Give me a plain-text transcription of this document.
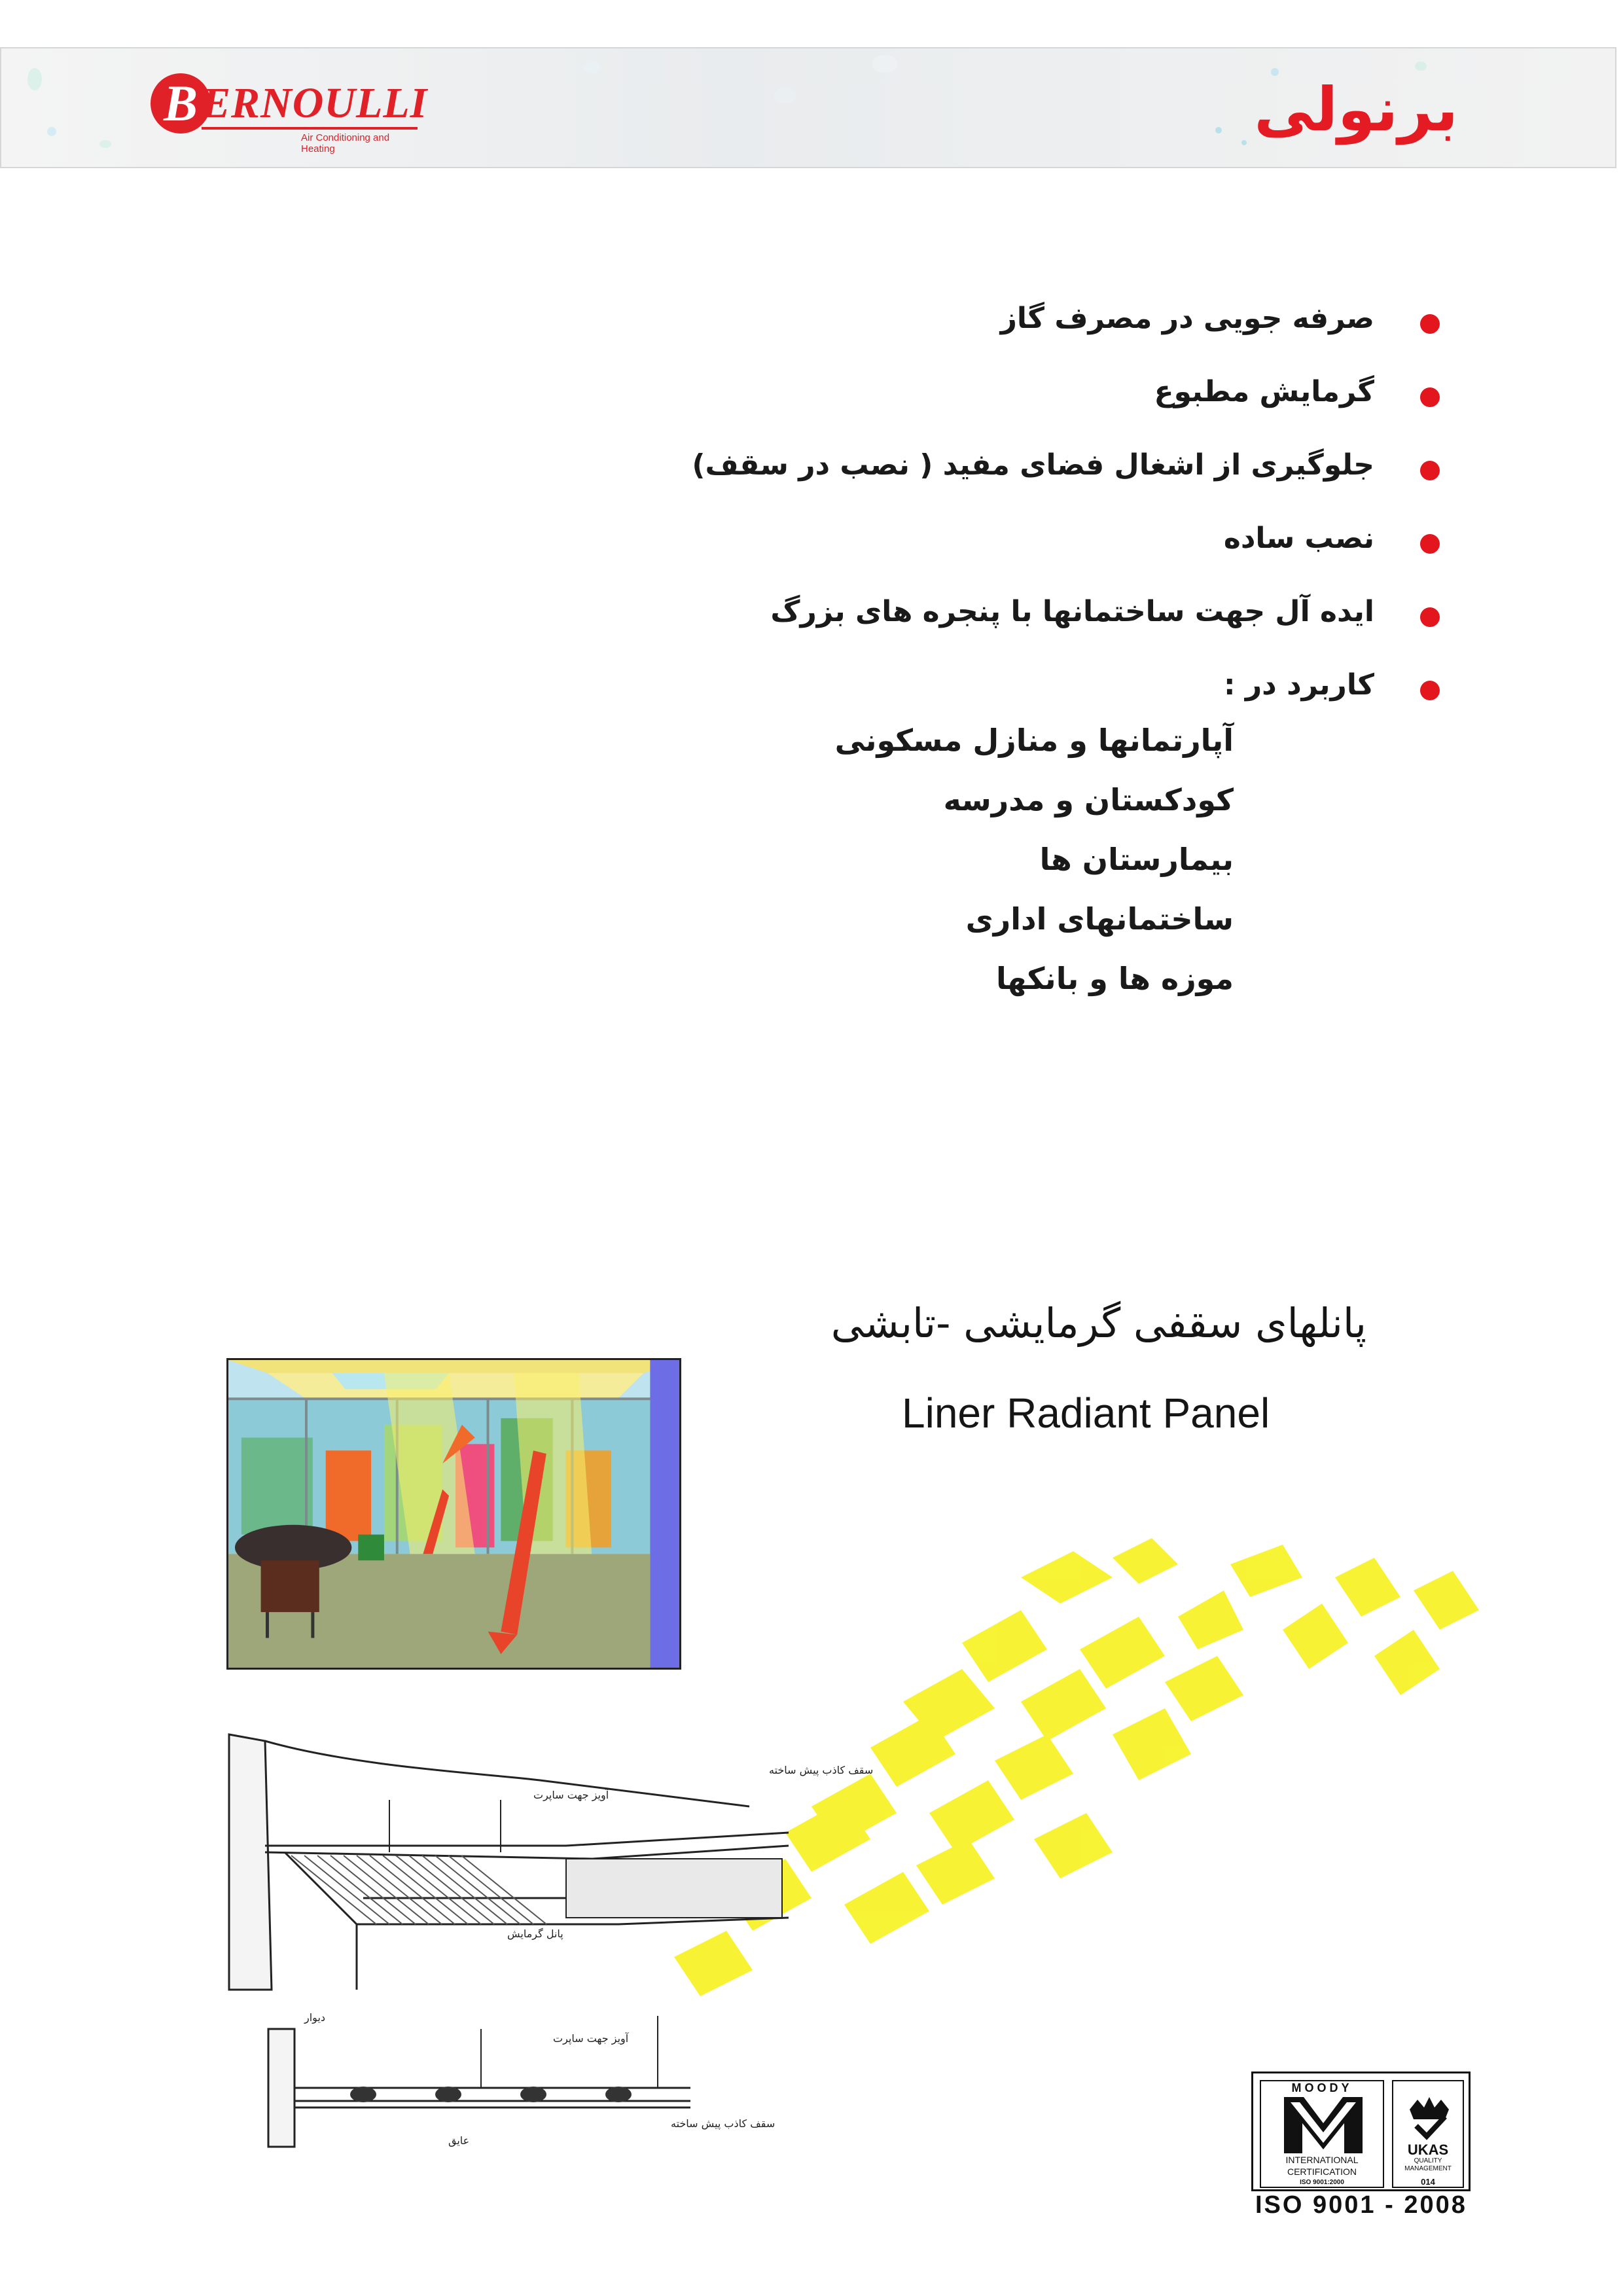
B ERNOULLI
Air Conditioning and Heating
برنولی
صرفه جویی در مصرف گاز
گرمایش مطبوع
جلوگیری از اشغال فضای مفید ( نصب در سقف)
نصب ساده
ایده آل جهت ساختمانها با پنجره های بزرگ
کاربرد در :
آپارتمانها و منازل مسکونی
کودکستان و مدرسه
بیمارستان ها
ساختمانهای اداری
موزه ها و بانکها
پانلهای سقفی گرمایشی -تابشی
Liner Radiant Panel
آویز جهت ساپرت
سقف کاذب پیش ساخته
پانل گرمایش
دیوار
آویز جهت ساپرت
سقف کاذب پیش ساخته
عایق
MOODY
INTERNATIONAL
CERTIFICATION
ISO 9001:2000
UKAS
QUALITY
MANAGEMENT
014
ISO 9001 - 2008
